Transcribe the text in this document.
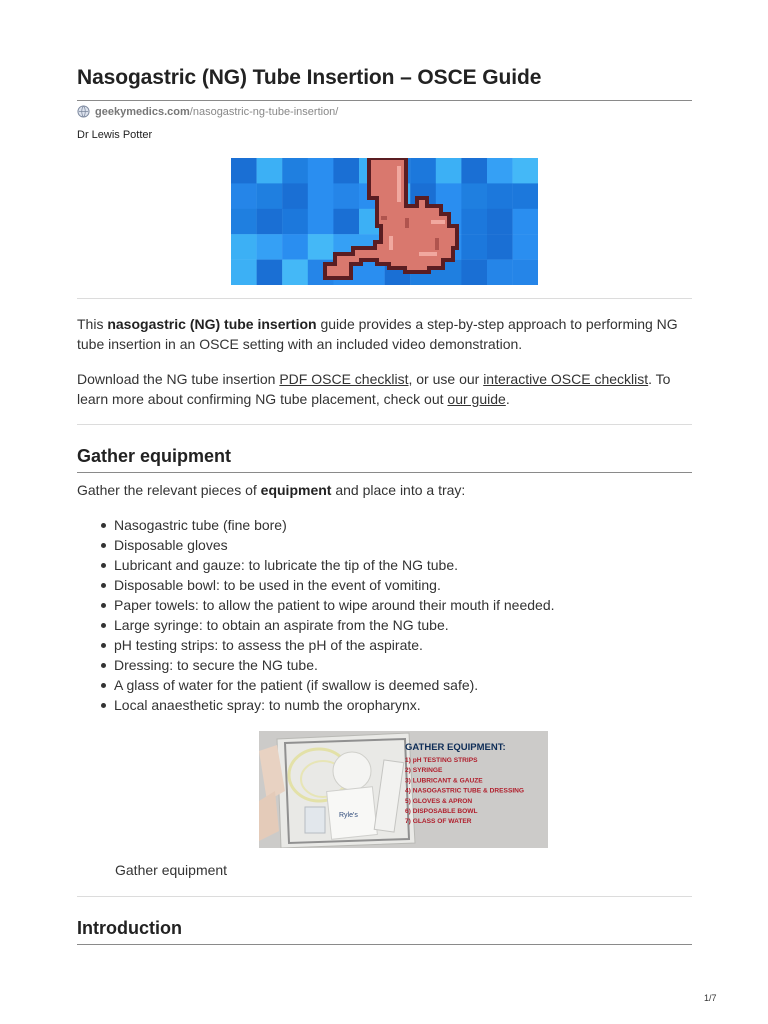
Nasogastric (NG) Tube Insertion – OSCE Guide
geekymedics.com /nasogastric-ng-tube-insertion/
Dr Lewis Potter
This nasogastric (NG) tube insertion guide provides a step-by-step approach to performing NG tube insertion in an OSCE setting with an included video demonstration.
Download the NG tube insertion PDF OSCE checklist, or use our interactive OSCE checklist. To learn more about confirming NG tube placement, check out our guide.
Gather equipment
Gather the relevant pieces of equipment and place into a tray:
Nasogastric tube (fine bore)
Disposable gloves
Lubricant and gauze: to lubricate the tip of the NG tube.
Disposable bowl: to be used in the event of vomiting.
Paper towels: to allow the patient to wipe around their mouth if needed.
Large syringe: to obtain an aspirate from the NG tube.
pH testing strips: to assess the pH of the aspirate.
Dressing: to secure the NG tube.
A glass of water for the patient (if swallow is deemed safe).
Local anaesthetic spray: to numb the oropharynx.
Ryle's
GATHER EQUIPMENT:
1) pH TESTING STRIPS
2) SYRINGE
3) LUBRICANT & GAUZE
4) NASOGASTRIC TUBE & DRESSING
5) GLOVES & APRON
6) DISPOSABLE BOWL
7) GLASS OF WATER
Gather equipment
Introduction
1/7
